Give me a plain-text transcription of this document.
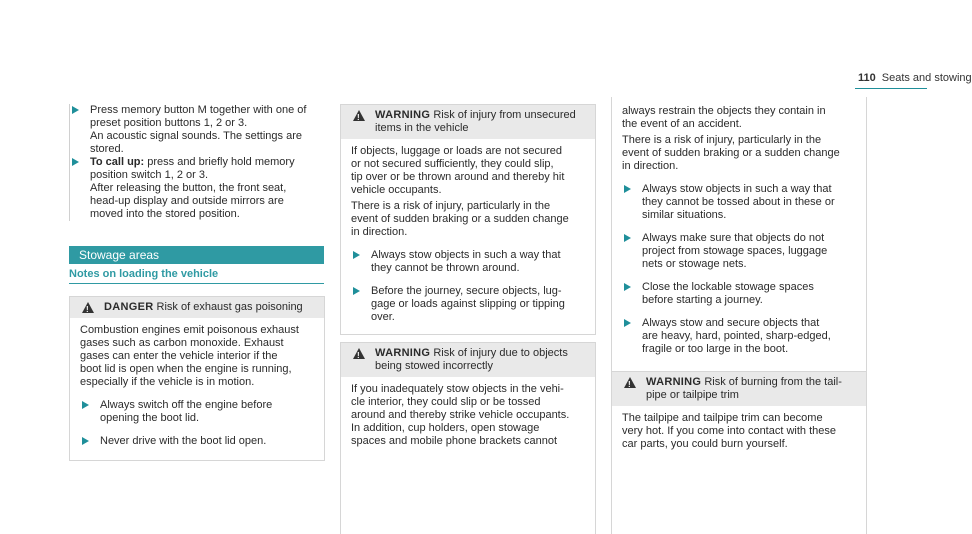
110 Seats and stowing
Press memory button M together with one of
preset position buttons 1, 2 or 3.
An acoustic signal sounds. The settings are
stored.
To call up: press and briefly hold memory
position switch 1, 2 or 3.
After releasing the button, the front seat,
head-up display and outside mirrors are
moved into the stored position.
Stowage areas
Notes on loading the vehicle
!
DANGER Risk of exhaust gas poisoning

Combustion engines emit poisonous exhaust
gases such as carbon monoxide. Exhaust
gases can enter the vehicle interior if the
boot lid is open when the engine is running,
especially if the vehicle is in motion.

Always switch off the engine before
opening the boot lid.
Never drive with the boot lid open.
!
WARNING Risk of injury from unsecured
items in the vehicle

If objects, luggage or loads are not secured
or not secured sufficiently, they could slip,
tip over or be thrown around and thereby hit
vehicle occupants.

There is a risk of injury, particularly in the
event of sudden braking or a sudden change
in direction.

Always stow objects in such a way that
they cannot be thrown around.
Before the journey, secure objects, lug-
gage or loads against slipping or tipping
over.
!
WARNING Risk of injury due to objects
being stowed incorrectly

If you inadequately stow objects in the vehi-
cle interior, they could slip or be tossed
around and thereby strike vehicle occupants.
In addition, cup holders, open stowage
spaces and mobile phone brackets cannot

always restrain the objects they contain in
the event of an accident.

There is a risk of injury, particularly in the
event of sudden braking or a sudden change
in direction.

Always stow objects in such a way that
they cannot be tossed about in these or
similar situations.
Always make sure that objects do not
project from stowage spaces, luggage
nets or stowage nets.
Close the lockable stowage spaces
before starting a journey.
Always stow and secure objects that
are heavy, hard, pointed, sharp-edged,
fragile or too large in the boot.
!
WARNING Risk of burning from the tail-
pipe or tailpipe trim

The tailpipe and tailpipe trim can become
very hot. If you come into contact with these
car parts, you could burn yourself.
